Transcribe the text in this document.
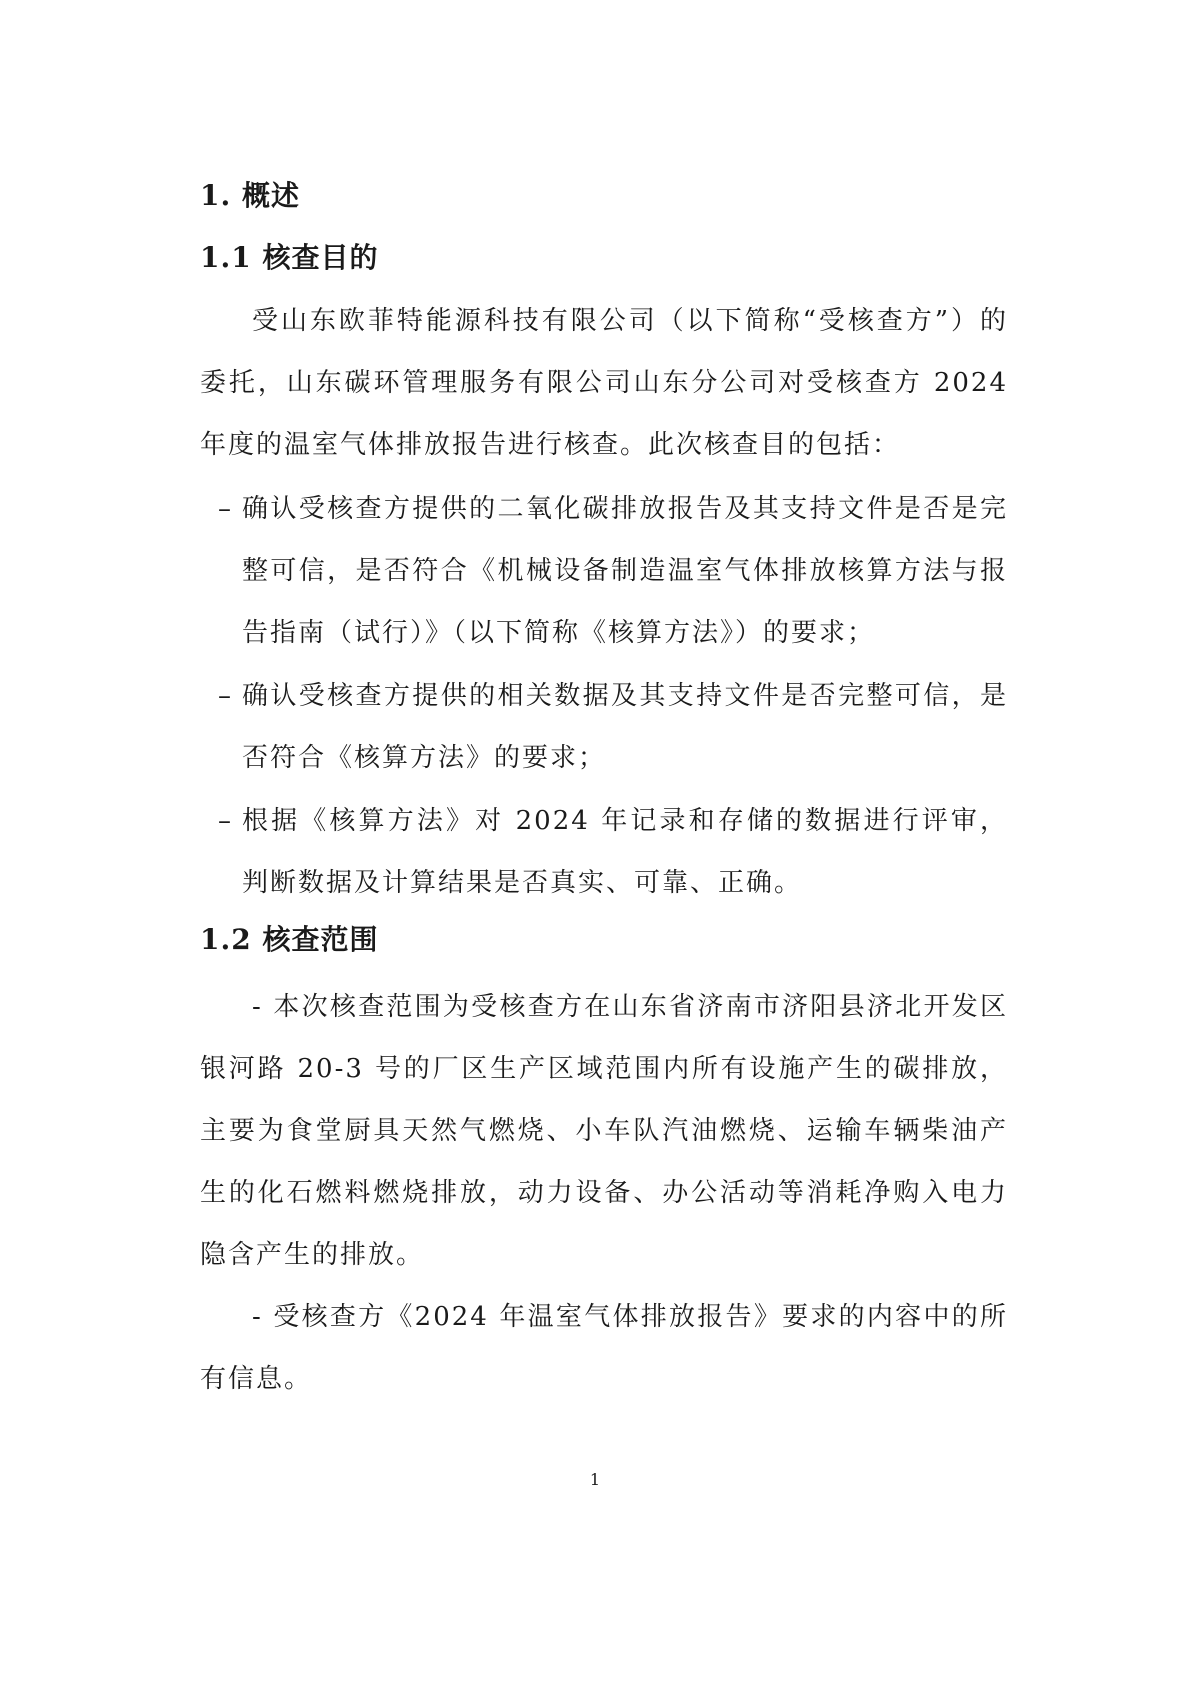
1. 概述
1.1 核查目的
受山东欧菲特能源科技有限公司（以下简称“受核查方”）的委托，山东碳环管理服务有限公司山东分公司对受核查方 2024 年度的温室气体排放报告进行核查。此次核查目的包括：
– 确认受核查方提供的二氧化碳排放报告及其支持文件是否是完整可信，是否符合《机械设备制造温室气体排放核算方法与报告指南（试行）》（以下简称《核算方法》）的要求；
– 确认受核查方提供的相关数据及其支持文件是否完整可信，是否符合《核算方法》的要求；
– 根据《核算方法》对 2024 年记录和存储的数据进行评审，判断数据及计算结果是否真实、可靠、正确。
1.2 核查范围
- 本次核查范围为受核查方在山东省济南市济阳县济北开发区银河路 20-3 号的厂区生产区域范围内所有设施产生的碳排放，主要为食堂厨具天然气燃烧、小车队汽油燃烧、运输车辆柴油产生的化石燃料燃烧排放，动力设备、办公活动等消耗净购入电力隐含产生的排放。
- 受核查方《2024 年温室气体排放报告》要求的内容中的所有信息。
1
